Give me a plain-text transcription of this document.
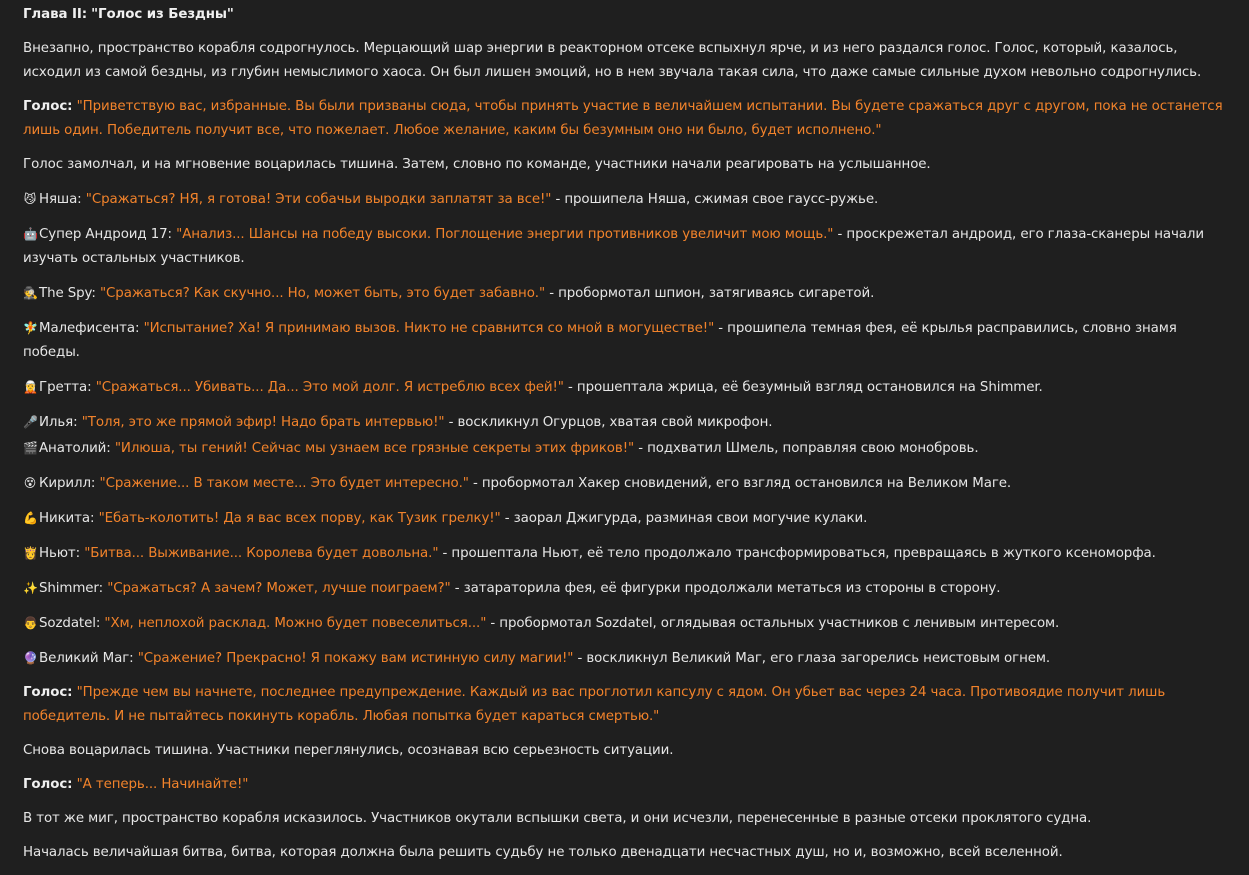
Глава II: "Голос из Бездны"

Внезапно, пространство корабля содрогнулось. Мерцающий шар энергии в реакторном отсеке вспыхнул ярче, и из него раздался голос. Голос, который, казалось, исходил из самой бездны, из глубин немыслимого хаоса. Он был лишен эмоций, но в нем звучала такая сила, что даже самые сильные духом невольно содрогнулись.

Голос: "Приветствую вас, избранные. Вы были призваны сюда, чтобы принять участие в величайшем испытании. Вы будете сражаться друг с другом, пока не останется лишь один. Победитель получит все, что пожелает. Любое желание, каким бы безумным оно ни было, будет исполнено."

Голос замолчал, и на мгновение воцарилась тишина. Затем, словно по команде, участники начали реагировать на услышанное.

😼 Няша: "Сражаться? НЯ, я готова! Эти собачьи выродки заплатят за все!" - прошипела Няша, сжимая свое гаусс-ружье.

🤖Супер Андроид 17: "Анализ... Шансы на победу высоки. Поглощение энергии противников увеличит мою мощь." - проскрежетал андроид, его глаза-сканеры начали изучать остальных участников.

🕵The Spy: "Сражаться? Как скучно... Но, может быть, это будет забавно." - пробормотал шпион, затягиваясь сигаретой.

🧚Малефисента: "Испытание? Ха! Я принимаю вызов. Никто не сравнится со мной в могуществе!" - прошипела темная фея, её крылья расправились, словно знамя победы.

🧝Гретта: "Сражаться... Убивать... Да... Это мой долг. Я истреблю всех фей!" - прошептала жрица, её безумный взгляд остановился на Shimmer.

🎤Илья: "Толя, это же прямой эфир! Надо брать интервью!" - воскликнул Огурцов, хватая свой микрофон.

🎬Анатолий: "Илюша, ты гений! Сейчас мы узнаем все грязные секреты этих фриков!" - подхватил Шмель, поправляя свою монобровь.

😵 Кирилл: "Сражение... В таком месте... Это будет интересно." - пробормотал Хакер сновидений, его взгляд остановился на Великом Маге.

💪Никита: "Ебать-колотить! Да я вас всех порву, как Тузик грелку!" - заорал Джигурда, разминая свои могучие кулаки.

👸Ньют: "Битва... Выживание... Королева будет довольна." - прошептала Ньют, её тело продолжало трансформироваться, превращаясь в жуткого ксеноморфа.

✨Shimmer: "Сражаться? А зачем? Может, лучше поиграем?" - затараторила фея, её фигурки продолжали метаться из стороны в сторону.

👨Sozdatel: "Хм, неплохой расклад. Можно будет повеселиться..." - пробормотал Sozdatel, оглядывая остальных участников с ленивым интересом.

🔮Великий Маг: "Сражение? Прекрасно! Я покажу вам истинную силу магии!" - воскликнул Великий Маг, его глаза загорелись неистовым огнем.

Голос: "Прежде чем вы начнете, последнее предупреждение. Каждый из вас проглотил капсулу с ядом. Он убьет вас через 24 часа. Противоядие получит лишь победитель. И не пытайтесь покинуть корабль. Любая попытка будет караться смертью."

Снова воцарилась тишина. Участники переглянулись, осознавая всю серьезность ситуации.

Голос: "А теперь... Начинайте!"

В тот же миг, пространство корабля исказилось. Участников окутали вспышки света, и они исчезли, перенесенные в разные отсеки проклятого судна.

Началась величайшая битва, битва, которая должна была решить судьбу не только двенадцати несчастных душ, но и, возможно, всей вселенной.
